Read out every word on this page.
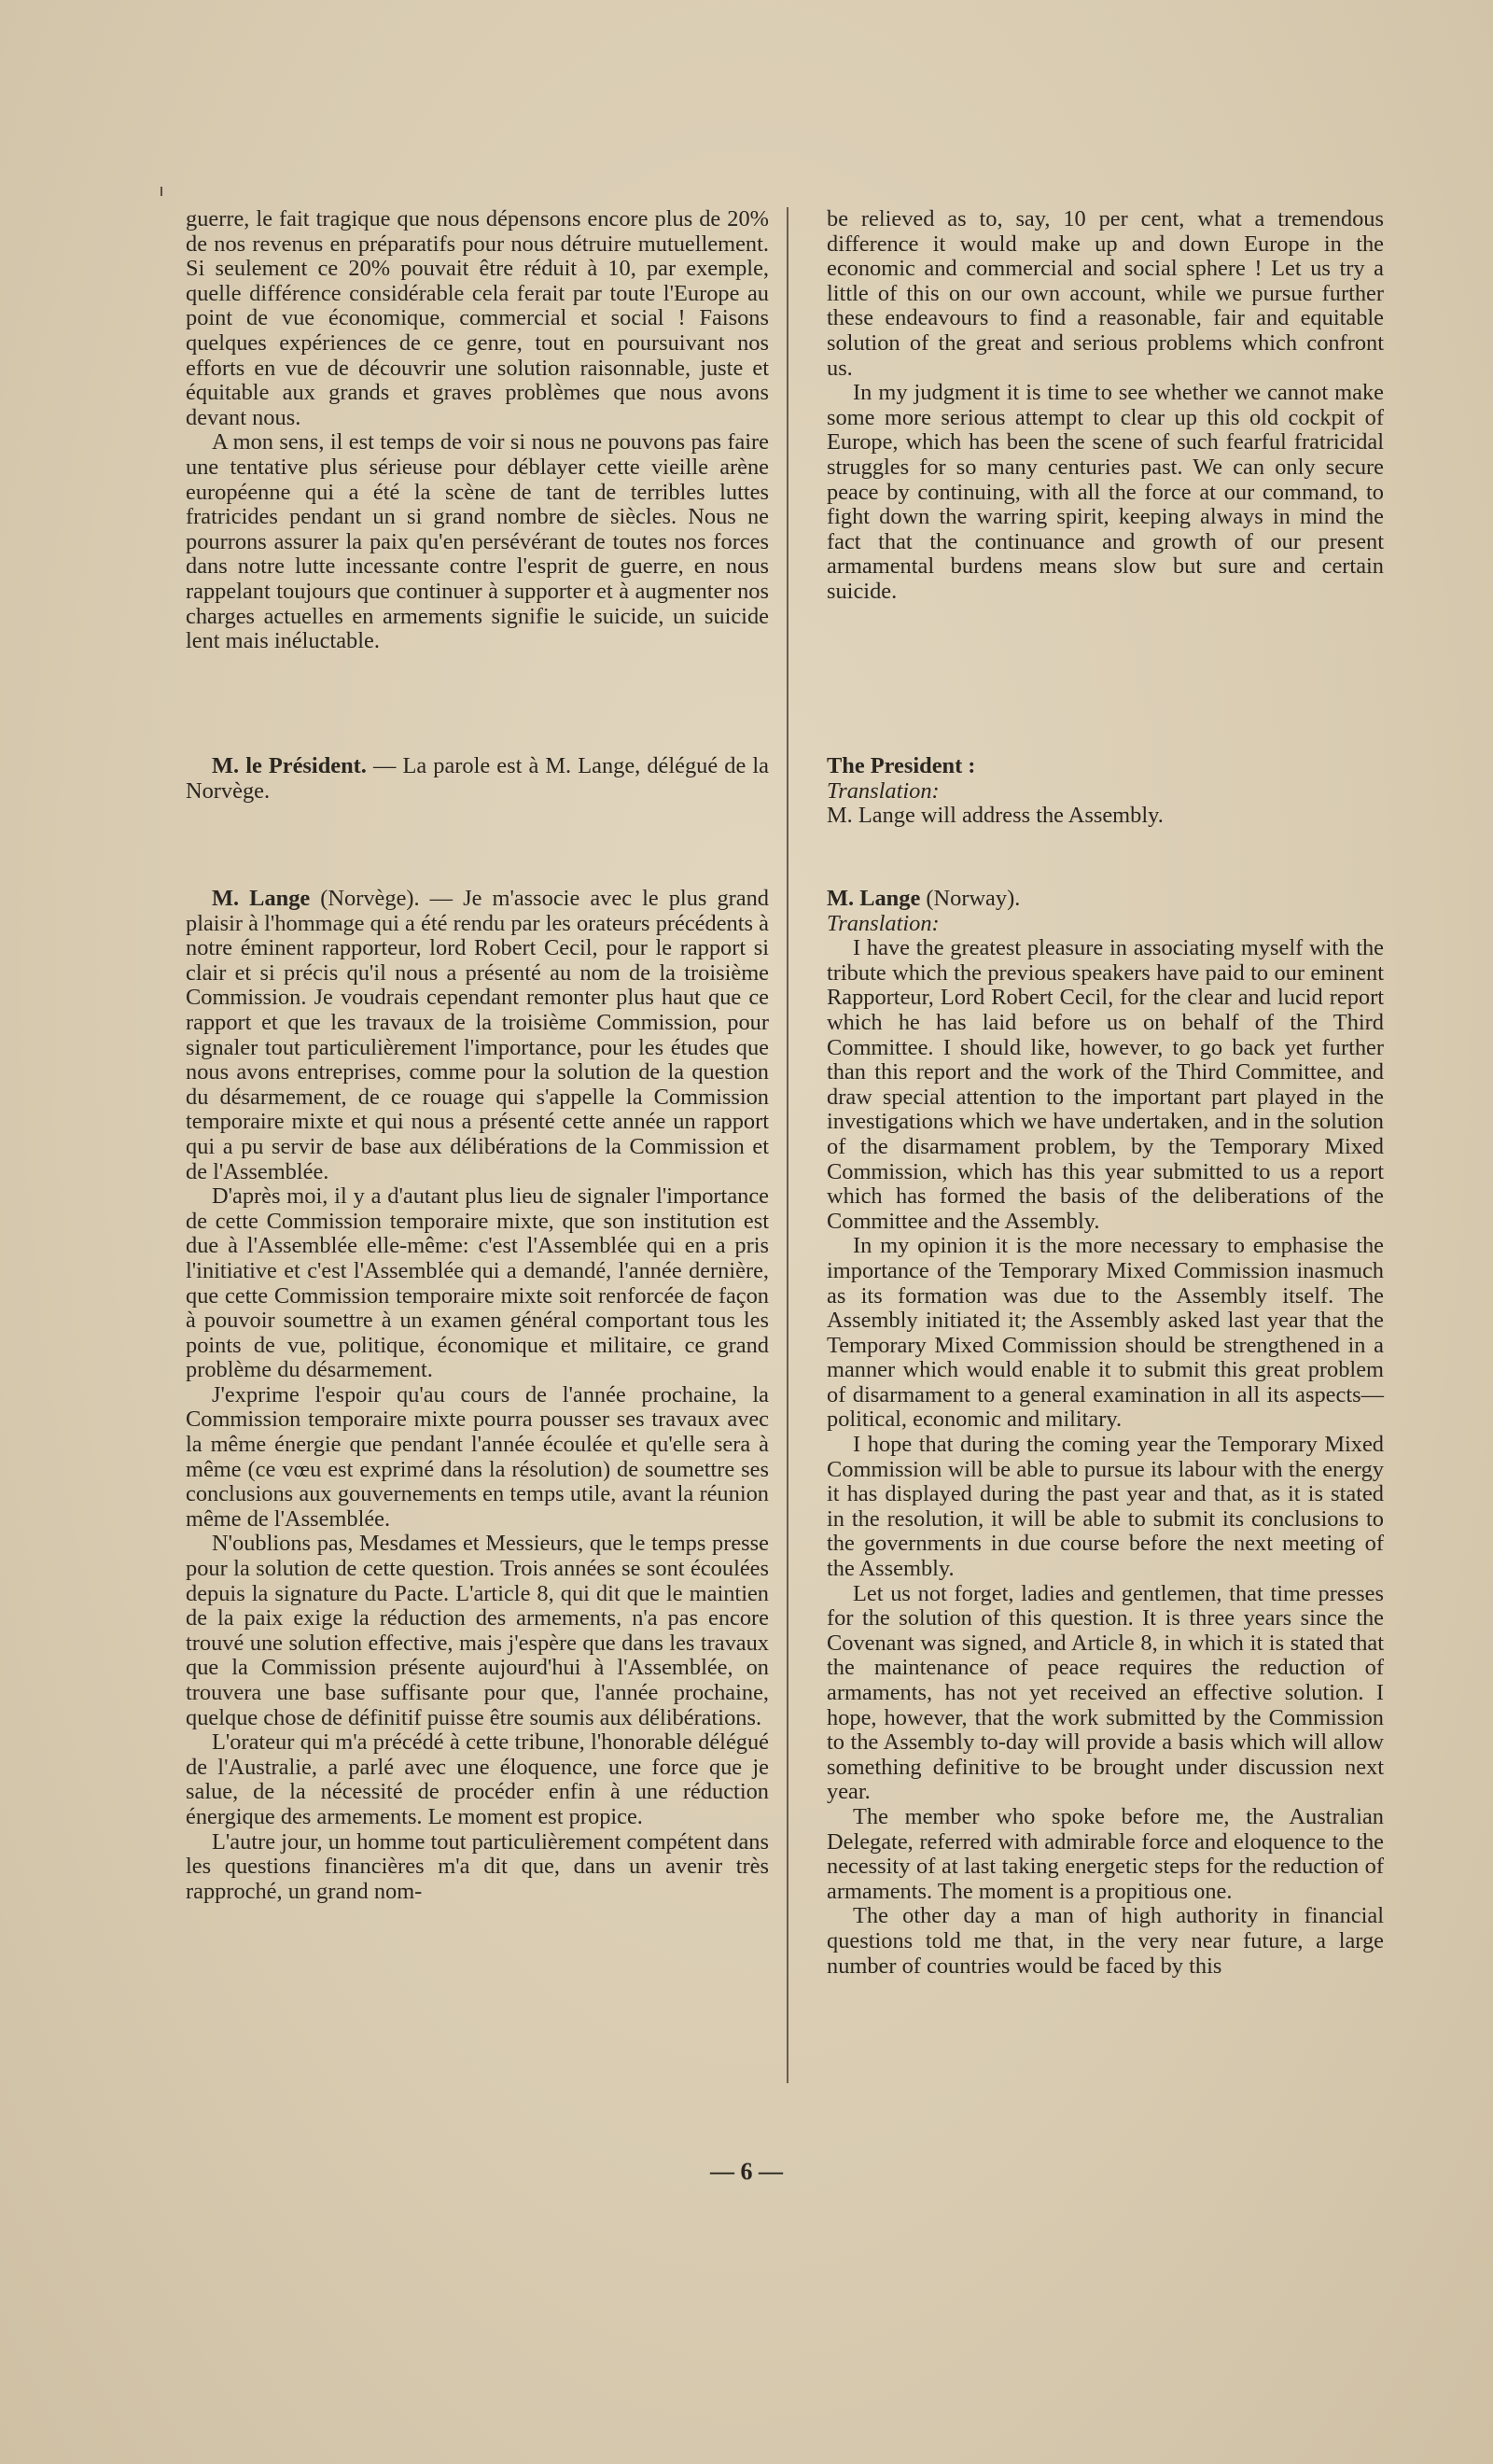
guerre, le fait tragique que nous dépensons encore plus de 20% de nos revenus en préparatifs pour nous détruire mutuellement. Si seulement ce 20% pouvait être réduit à 10, par exemple, quelle différence considérable cela ferait par toute l'Europe au point de vue économique, commercial et social ! Faisons quelques expériences de ce genre, tout en poursuivant nos efforts en vue de découvrir une solution raisonnable, juste et équitable aux grands et graves problèmes que nous avons devant nous.

A mon sens, il est temps de voir si nous ne pouvons pas faire une tentative plus sérieuse pour déblayer cette vieille arène européenne qui a été la scène de tant de terribles luttes fratricides pendant un si grand nombre de siècles. Nous ne pourrons assurer la paix qu'en persévérant de toutes nos forces dans notre lutte incessante contre l'esprit de guerre, en nous rappelant toujours que continuer à supporter et à augmenter nos charges actuelles en armements signifie le suicide, un suicide lent mais inéluctable.

M. le Président. — La parole est à M. Lange, délégué de la Norvège.

M. Lange (Norvège). — Je m'associe avec le plus grand plaisir à l'hommage qui a été rendu par les orateurs précédents à notre éminent rapporteur, lord Robert Cecil, pour le rapport si clair et si précis qu'il nous a présenté au nom de la troisième Commission. Je voudrais cependant remonter plus haut que ce rapport et que les travaux de la troisième Commission, pour signaler tout particulièrement l'importance, pour les études que nous avons entreprises, comme pour la solution de la question du désarmement, de ce rouage qui s'appelle la Commission temporaire mixte et qui nous a présenté cette année un rapport qui a pu servir de base aux délibérations de la Commission et de l'Assemblée.

D'après moi, il y a d'autant plus lieu de signaler l'importance de cette Commission temporaire mixte, que son institution est due à l'Assemblée elle-même: c'est l'Assemblée qui en a pris l'initiative et c'est l'Assemblée qui a demandé, l'année dernière, que cette Commission temporaire mixte soit renforcée de façon à pouvoir soumettre à un examen général comportant tous les points de vue, politique, économique et militaire, ce grand problème du désarmement.

J'exprime l'espoir qu'au cours de l'année prochaine, la Commission temporaire mixte pourra pousser ses travaux avec la même énergie que pendant l'année écoulée et qu'elle sera à même (ce vœu est exprimé dans la résolution) de soumettre ses conclusions aux gouvernements en temps utile, avant la réunion même de l'Assemblée.

N'oublions pas, Mesdames et Messieurs, que le temps presse pour la solution de cette question. Trois années se sont écoulées depuis la signature du Pacte. L'article 8, qui dit que le maintien de la paix exige la réduction des armements, n'a pas encore trouvé une solution effective, mais j'espère que dans les travaux que la Commission présente aujourd'hui à l'Assemblée, on trouvera une base suffisante pour que, l'année prochaine, quelque chose de définitif puisse être soumis aux délibérations.

L'orateur qui m'a précédé à cette tribune, l'honorable délégué de l'Australie, a parlé avec une éloquence, une force que je salue, de la nécessité de procéder enfin à une réduction énergique des armements. Le moment est propice.

L'autre jour, un homme tout particulièrement compétent dans les questions financières m'a dit que, dans un avenir très rapproché, un grand nom-

be relieved as to, say, 10 per cent, what a tremendous difference it would make up and down Europe in the economic and commercial and social sphere ! Let us try a little of this on our own account, while we pursue further these endeavours to find a reasonable, fair and equitable solution of the great and serious problems which confront us.

In my judgment it is time to see whether we cannot make some more serious attempt to clear up this old cockpit of Europe, which has been the scene of such fearful fratricidal struggles for so many centuries past. We can only secure peace by continuing, with all the force at our command, to fight down the warring spirit, keeping always in mind the fact that the continuance and growth of our present armamental burdens means slow but sure and certain suicide.

The President :

Translation:

M. Lange will address the Assembly.

M. Lange (Norway).

Translation:

I have the greatest pleasure in associating myself with the tribute which the previous speakers have paid to our eminent Rapporteur, Lord Robert Cecil, for the clear and lucid report which he has laid before us on behalf of the Third Committee. I should like, however, to go back yet further than this report and the work of the Third Committee, and draw special attention to the important part played in the investigations which we have undertaken, and in the solution of the disarmament problem, by the Temporary Mixed Commission, which has this year submitted to us a report which has formed the basis of the deliberations of the Committee and the Assembly.

In my opinion it is the more necessary to emphasise the importance of the Temporary Mixed Commission inasmuch as its formation was due to the Assembly itself. The Assembly initiated it; the Assembly asked last year that the Temporary Mixed Commission should be strengthened in a manner which would enable it to submit this great problem of disarmament to a general examination in all its aspects—political, economic and military.

I hope that during the coming year the Temporary Mixed Commission will be able to pursue its labour with the energy it has displayed during the past year and that, as it is stated in the resolution, it will be able to submit its conclusions to the governments in due course before the next meeting of the Assembly.

Let us not forget, ladies and gentlemen, that time presses for the solution of this question. It is three years since the Covenant was signed, and Article 8, in which it is stated that the maintenance of peace requires the reduction of armaments, has not yet received an effective solution. I hope, however, that the work submitted by the Commission to the Assembly to-day will provide a basis which will allow something definitive to be brought under discussion next year.

The member who spoke before me, the Australian Delegate, referred with admirable force and eloquence to the necessity of at last taking energetic steps for the reduction of armaments. The moment is a propitious one.

The other day a man of high authority in financial questions told me that, in the very near future, a large number of countries would be faced by this

— 6 —
